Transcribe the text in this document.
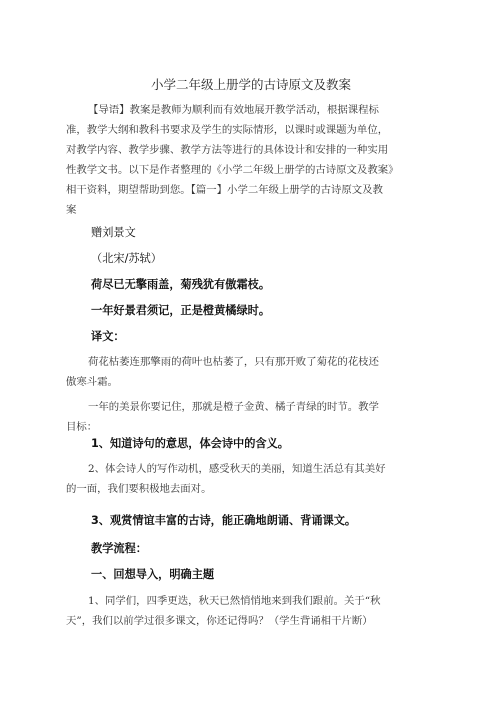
小学二年级上册学的古诗原文及教案

【导语】教案是教师为顺利而有效地展开教学活动，根据课程标
准，教学大纲和教科书要求及学生的实际情形，以课时或课题为单位，
对教学内容、教学步骤、教学方法等进行的具体设计和安排的一种实用
性教学文书。以下是作者整理的《小学二年级上册学的古诗原文及教案》
相干资料，期望帮助到您。【篇一】小学二年级上册学的古诗原文及教
案

赠刘景文
（北宋/苏轼）
荷尽已无擎雨盖，菊残犹有傲霜枝。
一年好景君须记，正是橙黄橘绿时。
译文：

荷花枯萎连那擎雨的荷叶也枯萎了，只有那开败了菊花的花枝还
傲寒斗霜。

一年的美景你要记住，那就是橙子金黄、橘子青绿的时节。教学
目标：

1、知道诗句的意思，体会诗中的含义。

2、体会诗人的写作动机，感受秋天的美丽，知道生活总有其美好
的一面，我们要积极地去面对。

3、观赏情谊丰富的古诗，能正确地朗诵、背诵课文。
教学流程：
一、回想导入，明确主题

1、同学们，四季更迭，秋天已然悄悄地来到我们跟前。关于“秋
天”，我们以前学过很多课文，你还记得吗？（学生背诵相干片断）
